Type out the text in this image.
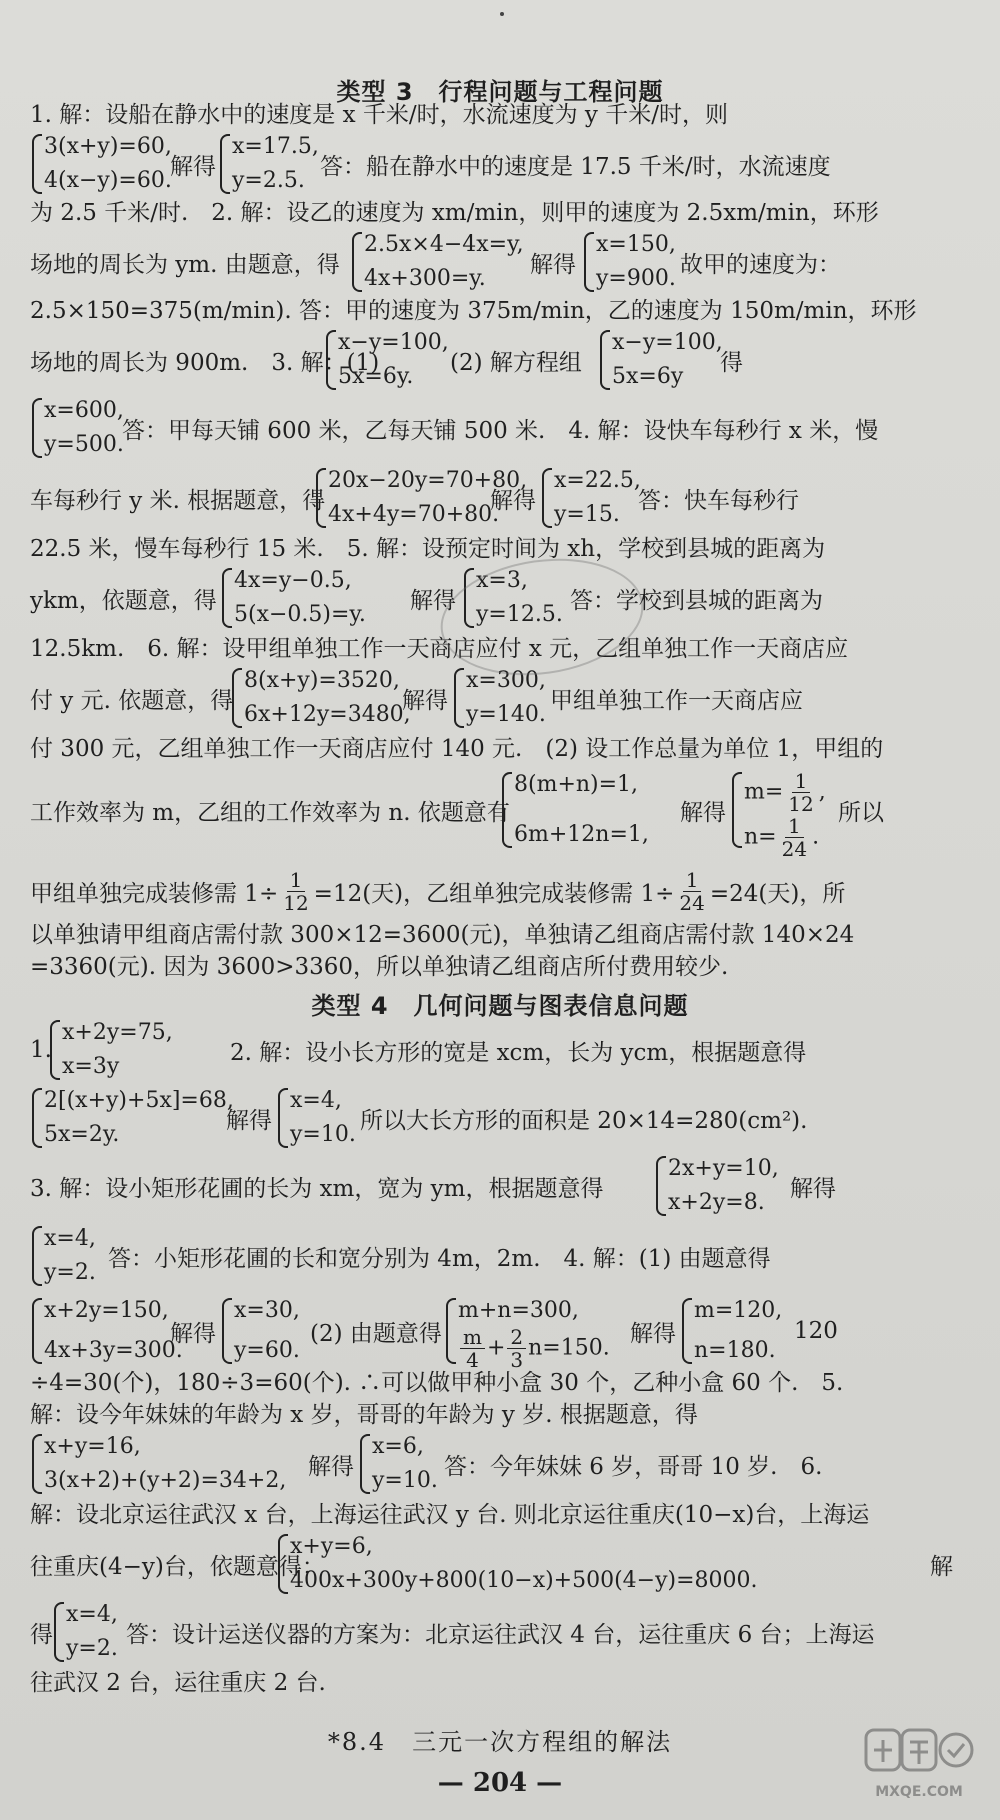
类型 3　行程问题与工程问题
1. 解：设船在静水中的速度是 x 千米/时，水流速度为 y 千米/时，则
3(x+y)=60,
4(x−y)=60.
解得
x=17.5,
y=2.5.
答：船在静水中的速度是 17.5 千米/时，水流速度
为 2.5 千米/时.　2. 解：设乙的速度为 xm/min，则甲的速度为 2.5xm/min，环形
场地的周长为 ym. 由题意，得
2.5x×4−4x=y,
4x+300=y.
解得
x=150,
y=900.
故甲的速度为：
2.5×150=375(m/min). 答：甲的速度为 375m/min，乙的速度为 150m/min，环形
场地的周长为 900m.　3. 解：(1)
x−y=100,
5x=6y.
(2) 解方程组
x−y=100,
5x=6y
得
x=600,
y=500.
答：甲每天铺 600 米，乙每天铺 500 米.　4. 解：设快车每秒行 x 米，慢
车每秒行 y 米. 根据题意，得
20x−20y=70+80,
4x+4y=70+80.
解得
x=22.5,
y=15.
答：快车每秒行
22.5 米，慢车每秒行 15 米.　5. 解：设预定时间为 xh，学校到县城的距离为
ykm，依题意，得
4x=y−0.5,
5(x−0.5)=y.
解得
x=3,
y=12.5.
答：学校到县城的距离为
12.5km.　6. 解：设甲组单独工作一天商店应付 x 元，乙组单独工作一天商店应
付 y 元. 依题意，得
8(x+y)=3520,
6x+12y=3480,
解得
x=300,
y=140.
甲组单独工作一天商店应
付 300 元，乙组单独工作一天商店应付 140 元.　(2) 设工作总量为单位 1，甲组的
工作效率为 m，乙组的工作效率为 n. 依题意有
8(m+n)=1,
6m+12n=1,
解得
$m= \frac{1}{12}$ ,
$n= \frac{1}{24}$ .
所以
甲组单独完成装修需 $1\div \frac{1}{12} =12$(天)，乙组单独完成装修需 $1\div \frac{1}{24} =24$(天)，所
以单独请甲组商店需付款 300×12=3600(元)，单独请乙组商店需付款 140×24
=3360(元). 因为 3600>3360，所以单独请乙组商店所付费用较少.
类型 4　几何问题与图表信息问题
1.
x+2y=75,
x=3y
2. 解：设小长方形的宽是 xcm，长为 ycm，根据题意得
2[(x+y)+5x]=68,
5x=2y.
解得
x=4,
y=10.
所以大长方形的面积是 20×14=280(cm²).
3. 解：设小矩形花圃的长为 xm，宽为 ym，根据题意得
2x+y=10,
x+2y=8.
解得
x=4,
y=2.
答：小矩形花圃的长和宽分别为 4m，2m.　4. 解：(1) 由题意得
x+2y=150,
4x+3y=300.
解得
x=30,
y=60.
(2) 由题意得
m+n=300,
$\frac{m}{4} + \frac{2}{3} n=150$.
解得
m=120,
n=180.
120
÷4=30(个)，180÷3=60(个). ∴可以做甲种小盒 30 个，乙种小盒 60 个.　5.
解：设今年妹妹的年龄为 x 岁，哥哥的年龄为 y 岁. 根据题意，得
x+y=16,
3(x+2)+(y+2)=34+2,
解得
x=6,
y=10.
答：今年妹妹 6 岁，哥哥 10 岁.　6.
解：设北京运往武汉 x 台，上海运往武汉 y 台. 则北京运往重庆(10−x)台，上海运
往重庆(4−y)台，依题意得：
x+y=6,
400x+300y+800(10−x)+500(4−y)=8000.
解
得
x=4,
y=2.
答：设计运送仪器的方案为：北京运往武汉 4 台，运往重庆 6 台；上海运
往武汉 2 台，运往重庆 2 台.
*8.4　三元一次方程组的解法
— 204 —	MXQE.COM
